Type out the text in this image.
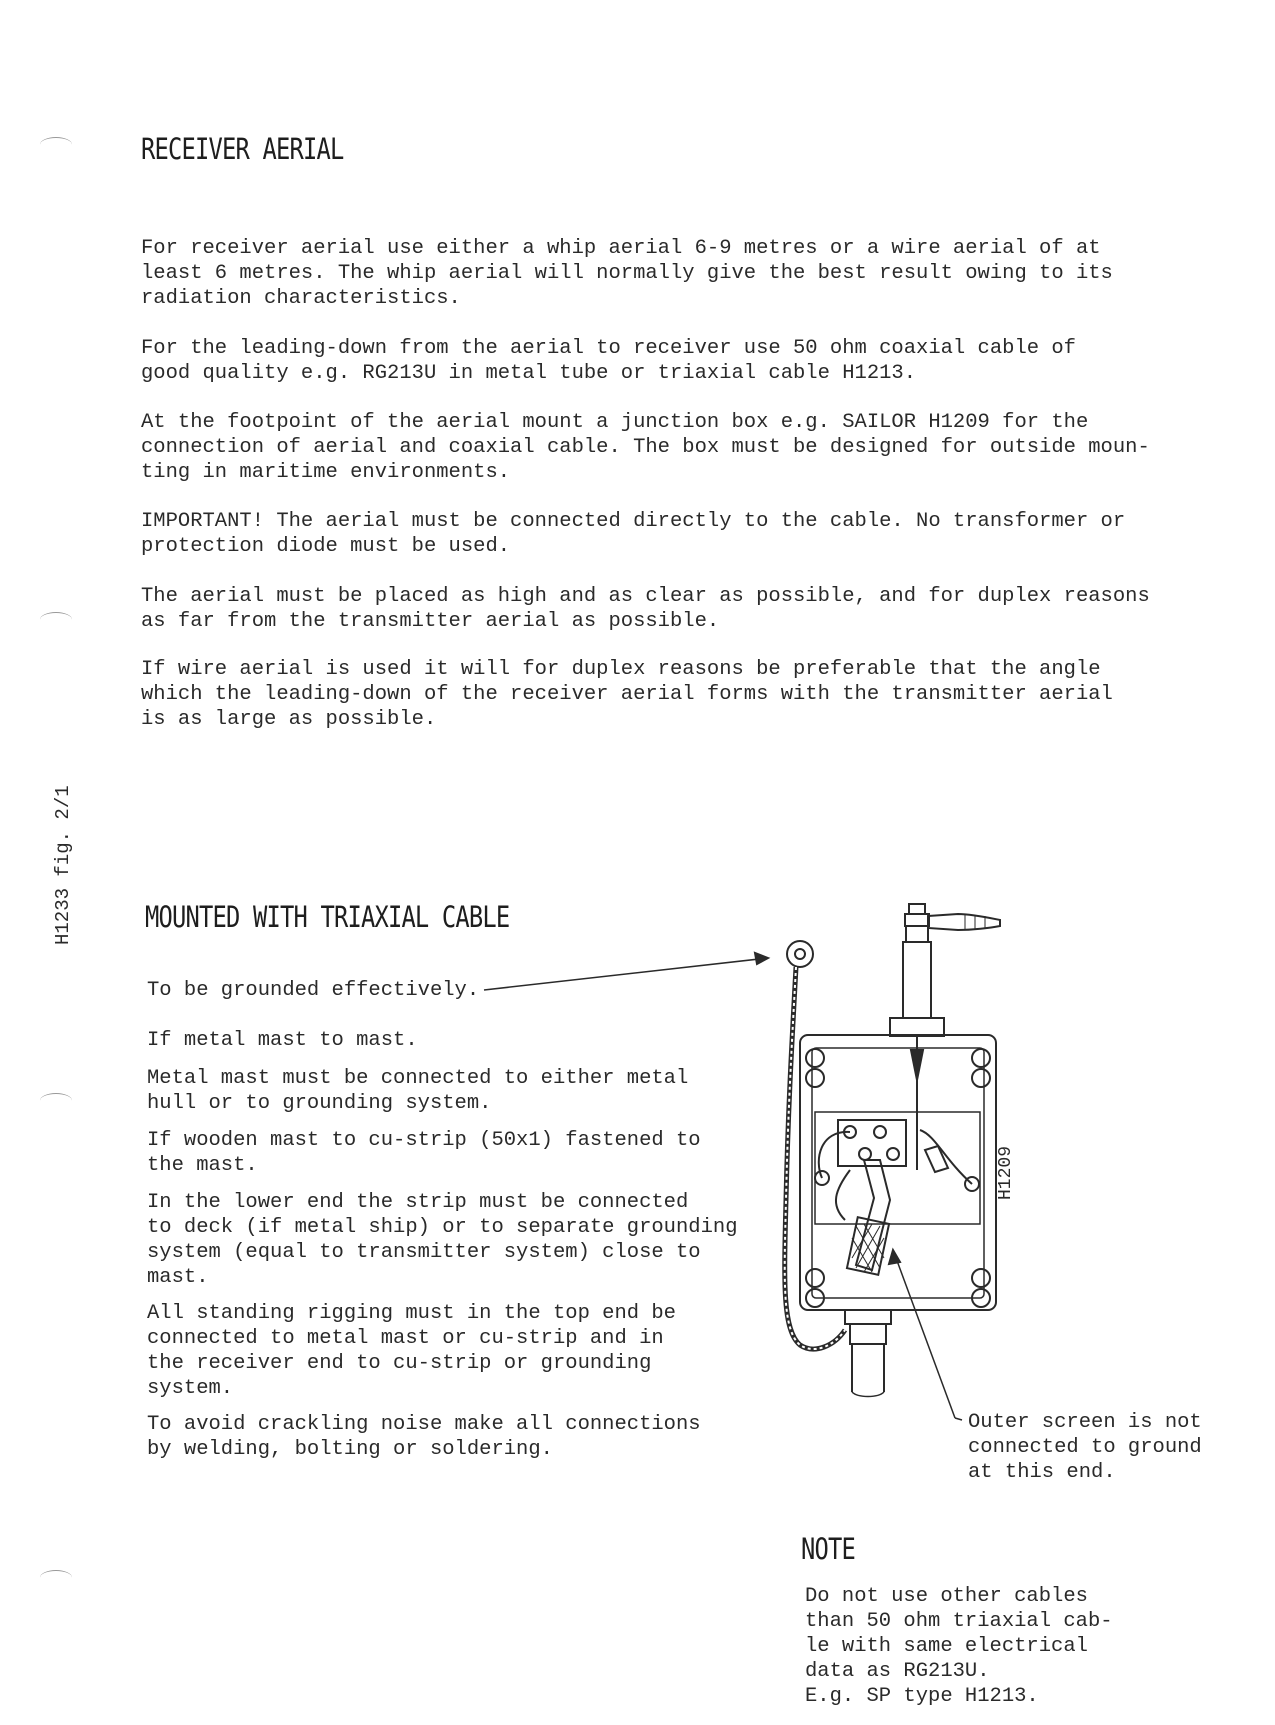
RECEIVER AERIAL

For receiver aerial use either a whip aerial 6-9 metres or a wire aerial of at
least 6 metres. The whip aerial will normally give the best result owing to its
radiation characteristics.

For the leading-down from the aerial to receiver use 50 ohm coaxial cable of
good quality e.g. RG213U in metal tube or triaxial cable H1213.

At the footpoint of the aerial mount a junction box e.g. SAILOR H1209 for the
connection of aerial and coaxial cable. The box must be designed for outside moun-
ting in maritime environments.

IMPORTANT! The aerial must be connected directly to the cable. No transformer or
protection diode must be used.

The aerial must be placed as high and as clear as possible, and for duplex reasons
as far from the transmitter aerial as possible.

If wire aerial is used it will for duplex reasons be preferable that the angle
which the leading-down of the receiver aerial forms with the transmitter aerial
is as large as possible.

H1233 fig. 2/1 MOUNTED WITH TRIAXIAL CABLE

To be grounded effectively.

If metal mast to mast.

Metal mast must be connected to either metal
hull or to grounding system.

If wooden mast to cu-strip (50x1) fastened to
the mast.

In the lower end the strip must be connected
to deck (if metal ship) or to separate grounding
system (equal to transmitter system) close to
mast.

All standing rigging must in the top end be
connected to metal mast or cu-strip and in
the receiver end to cu-strip or grounding
system.

To avoid crackling noise make all connections
by welding, bolting or soldering.

H1209

Outer screen is not
connected to ground
at this end.

NOTE

Do not use other cables
than 50 ohm triaxial cab-
le with same electrical
data as RG213U.
E.g. SP type H1213.
